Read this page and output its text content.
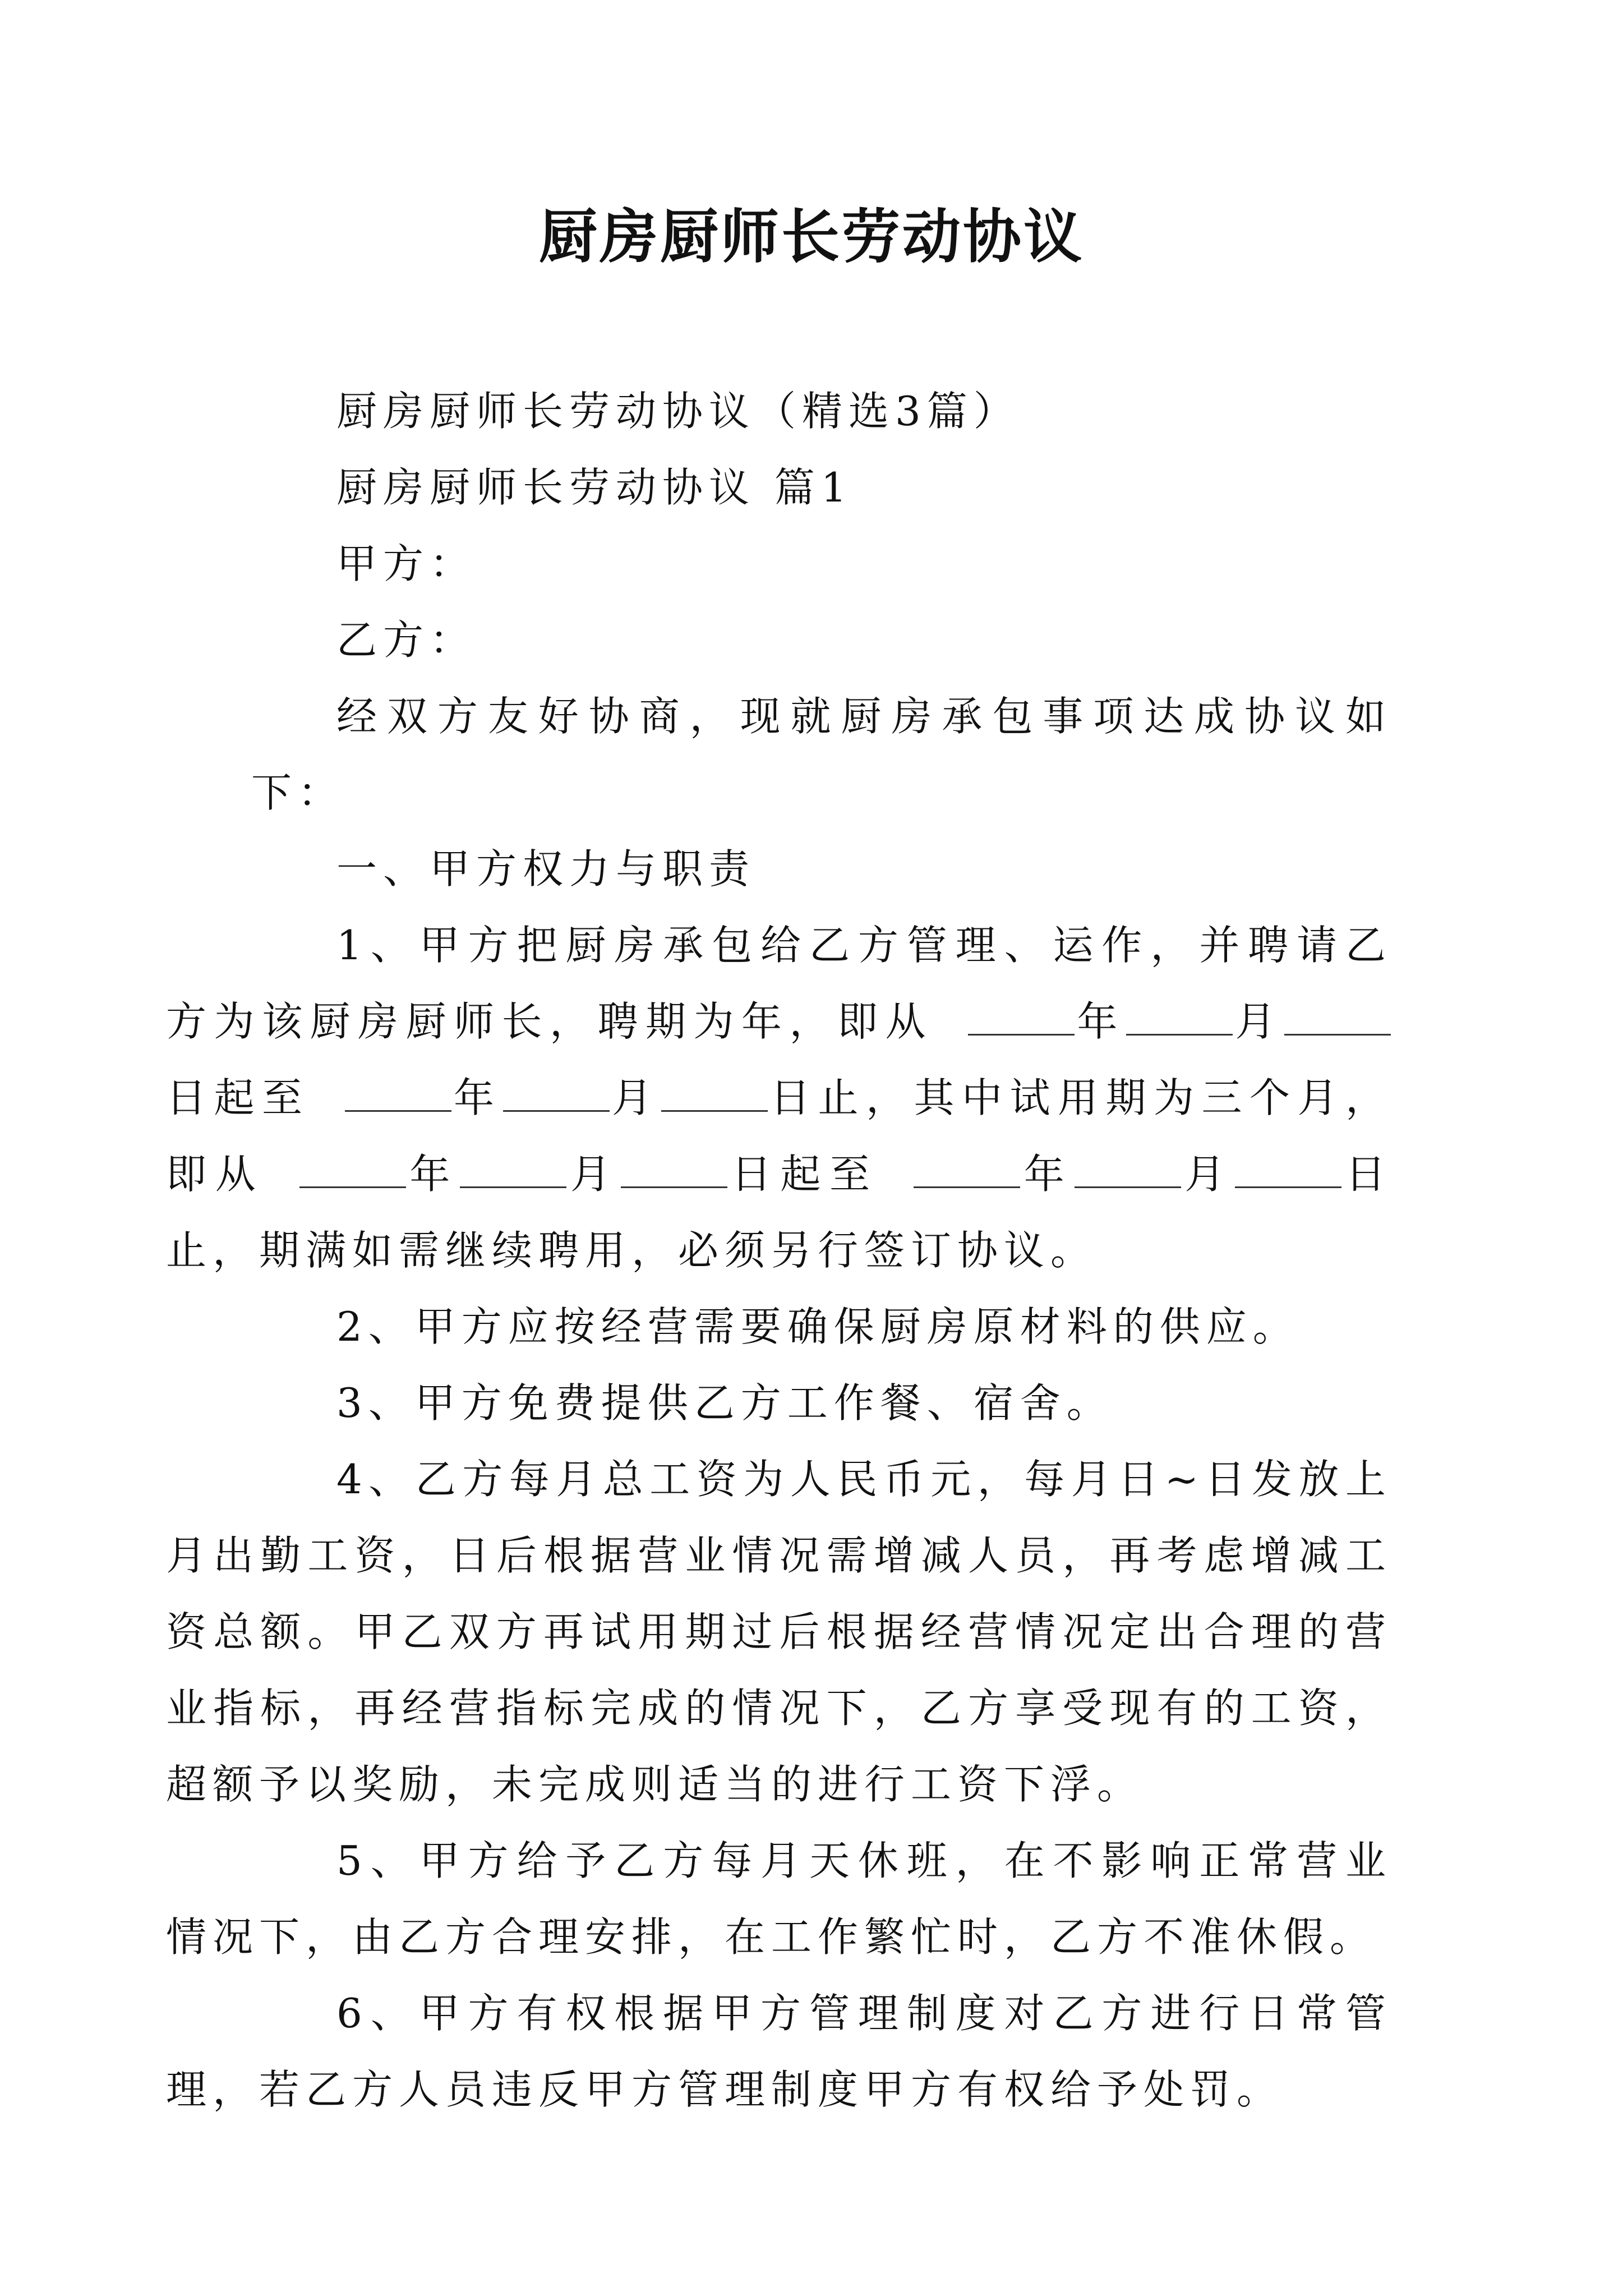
厨房厨师长劳动协议

厨房厨师长劳动协议（精选3篇）

厨房厨师长劳动协议 篇1

甲方：

乙方：

经双方友好协商，现就厨房承包事项达成协议如下：

一、甲方权力与职责

1、甲方把厨房承包给乙方管理、运作，并聘请乙方为该厨房厨师长，聘期为年，即从	年	月日起至	年	月	日止，其中试用期为三个月，即从	年	月	日起至	年	月	日止，期满如需继续聘用，必须另行签订协议。

2、甲方应按经营需要确保厨房原材料的供应。

3、甲方免费提供乙方工作餐、宿舍。

4、乙方每月总工资为人民币元，每月日~日发放上月出勤工资，日后根据营业情况需增减人员，再考虑增减工资总额。甲乙双方再试用期过后根据经营情况定出合理的营业指标，再经营指标完成的情况下，乙方享受现有的工资，超额予以奖励，未完成则适当的进行工资下浮。

5、甲方给予乙方每月天休班，在不影响正常营业情况下，由乙方合理安排，在工作繁忙时，乙方不准休假。

6、甲方有权根据甲方管理制度对乙方进行日常管理，若乙方人员违反甲方管理制度甲方有权给予处罚。
